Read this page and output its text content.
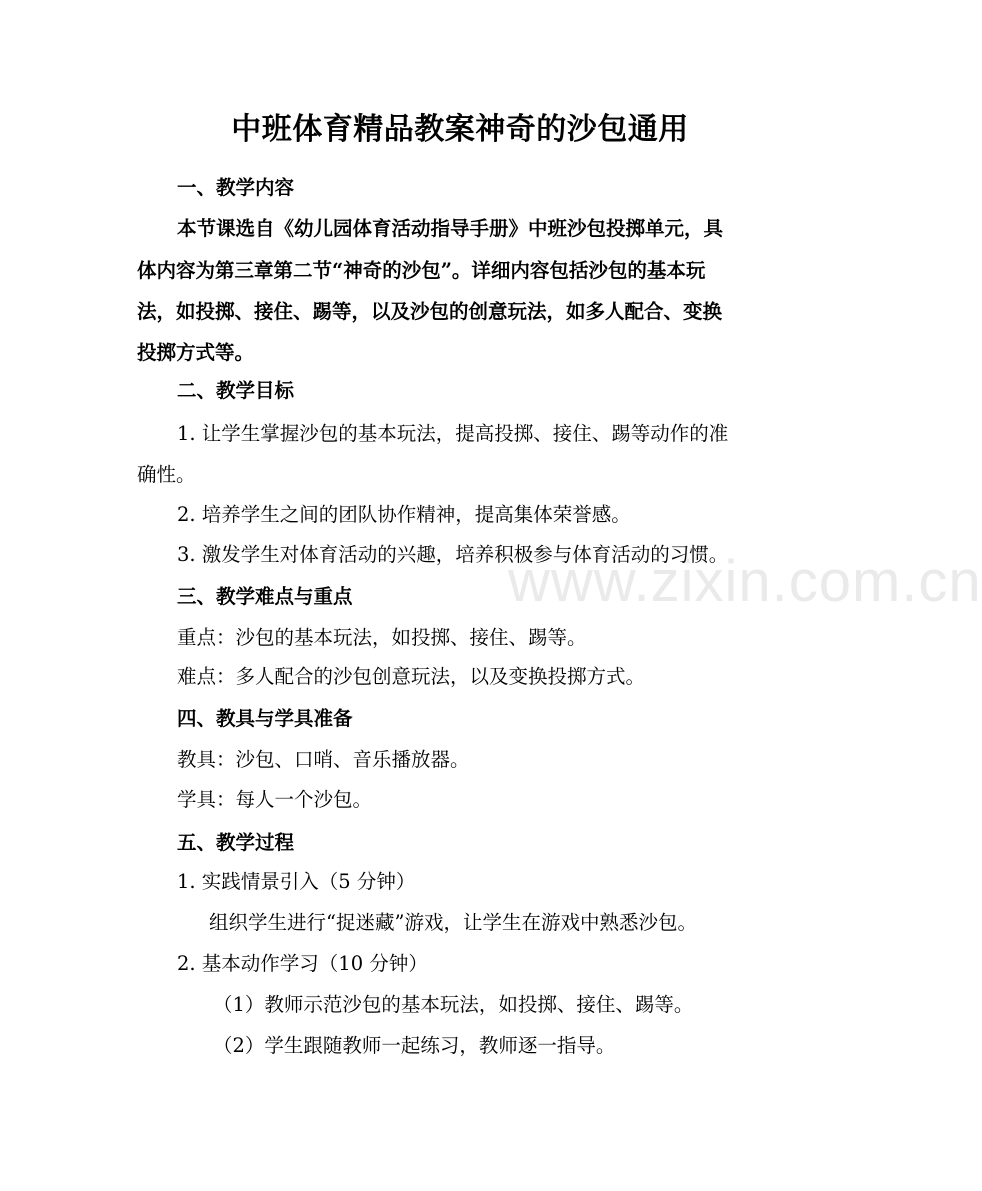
www.zixin.com.cn
中班体育精品教案神奇的沙包通用
一、教学内容
本节课选自《幼儿园体育活动指导手册》中班沙包投掷单元，具
体内容为第三章第二节“神奇的沙包”。详细内容包括沙包的基本玩
法，如投掷、接住、踢等，以及沙包的创意玩法，如多人配合、变换
投掷方式等。
二、教学目标
1. 让学生掌握沙包的基本玩法，提高投掷、接住、踢等动作的准
确性。
2. 培养学生之间的团队协作精神，提高集体荣誉感。
3. 激发学生对体育活动的兴趣，培养积极参与体育活动的习惯。
三、教学难点与重点
重点：沙包的基本玩法，如投掷、接住、踢等。
难点：多人配合的沙包创意玩法，以及变换投掷方式。
四、教具与学具准备
教具：沙包、口哨、音乐播放器。
学具：每人一个沙包。
五、教学过程
1. 实践情景引入（5 分钟）
组织学生进行“捉迷藏”游戏，让学生在游戏中熟悉沙包。
2. 基本动作学习（10 分钟）
（1）教师示范沙包的基本玩法，如投掷、接住、踢等。
（2）学生跟随教师一起练习，教师逐一指导。
